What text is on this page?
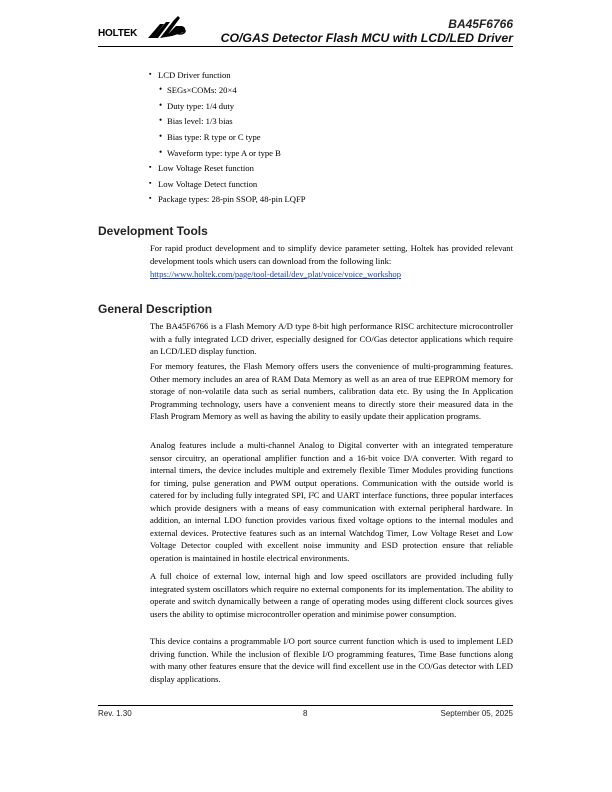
HOLTEK
BA45F6766
CO/GAS Detector Flash MCU with LCD/LED Driver
▪ LCD Driver function
• SEGs×COMs: 20×4
• Duty type: 1/4 duty
• Bias level: 1/3 bias
• Bias type: R type or C type
• Waveform type: type A or type B
▪ Low Voltage Reset function
▪ Low Voltage Detect function
▪ Package types: 28-pin SSOP, 48-pin LQFP
Development Tools
For rapid product development and to simplify device parameter setting, Holtek has provided relevant development tools which users can download from the following link:
https://www.holtek.com/page/tool-detail/dev_plat/voice/voice_workshop
General Description
The BA45F6766 is a Flash Memory A/D type 8-bit high performance RISC architecture microcontroller with a fully integrated LCD driver, especially designed for CO/Gas detector applications which require an LCD/LED display function.
For memory features, the Flash Memory offers users the convenience of multi-programming features. Other memory includes an area of RAM Data Memory as well as an area of true EEPROM memory for storage of non-volatile data such as serial numbers, calibration data etc. By using the In Application Programming technology, users have a convenient means to directly store their measured data in the Flash Program Memory as well as having the ability to easily update their application programs.
Analog features include a multi-channel Analog to Digital converter with an integrated temperature sensor circuitry, an operational amplifier function and a 16-bit voice D/A converter. With regard to internal timers, the device includes multiple and extremely flexible Timer Modules providing functions for timing, pulse generation and PWM output operations. Communication with the outside world is catered for by including fully integrated SPI, I²C and UART interface functions, three popular interfaces which provide designers with a means of easy communication with external peripheral hardware. In addition, an internal LDO function provides various fixed voltage options to the internal modules and external devices. Protective features such as an internal Watchdog Timer, Low Voltage Reset and Low Voltage Detector coupled with excellent noise immunity and ESD protection ensure that reliable operation is maintained in hostile electrical environments.
A full choice of external low, internal high and low speed oscillators are provided including fully integrated system oscillators which require no external components for its implementation. The ability to operate and switch dynamically between a range of operating modes using different clock sources gives users the ability to optimise microcontroller operation and minimise power consumption.
This device contains a programmable I/O port source current function which is used to implement LED driving function. While the inclusion of flexible I/O programming features, Time Base functions along with many other features ensure that the device will find excellent use in the CO/Gas detector with LED display applications.
Rev. 1.30	8	September 05, 2025
